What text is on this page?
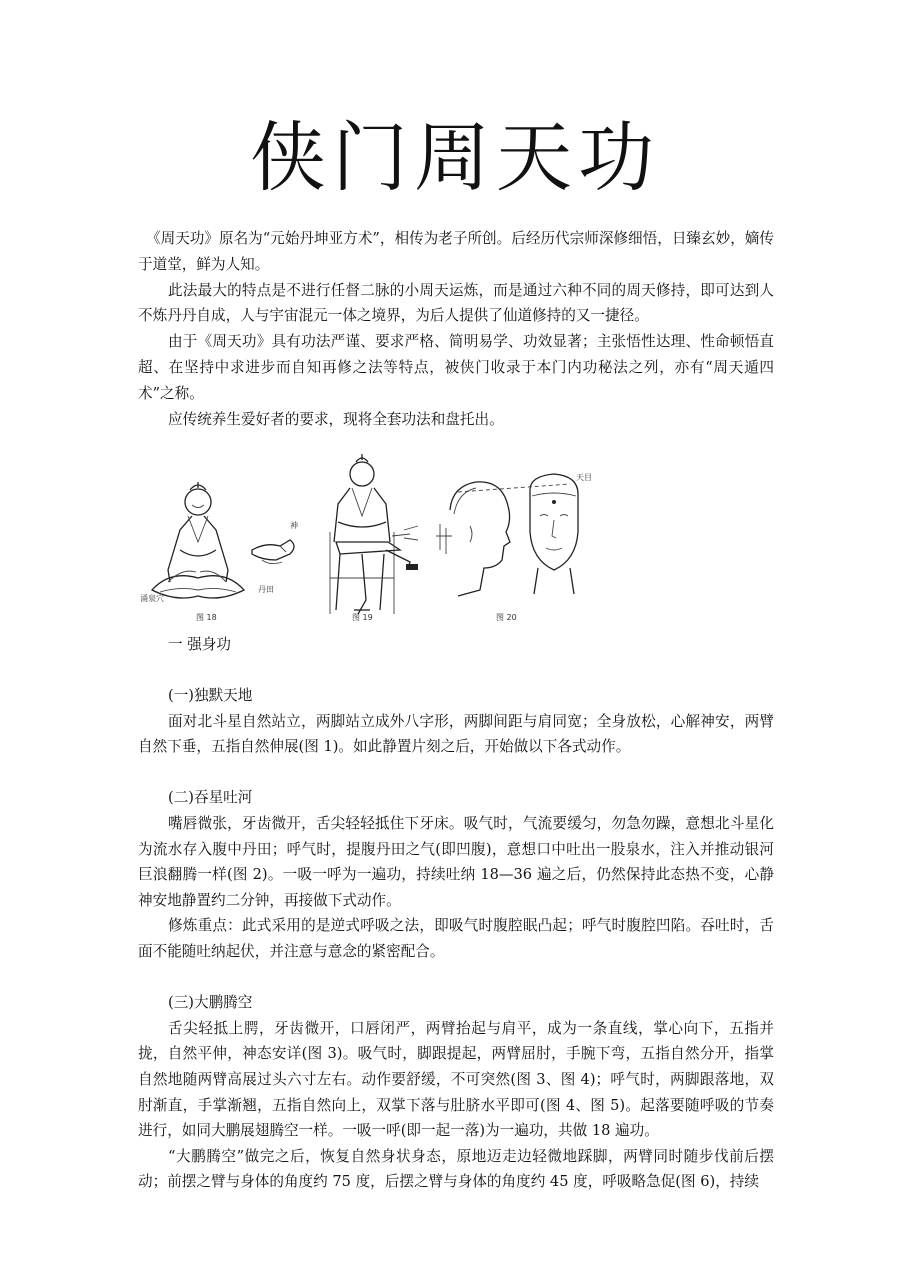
侠门周天功

《周天功》原名为“元始丹坤亚方术”，相传为老子所创。后经历代宗师深修细悟，日臻玄妙，嫡传于道堂，鲜为人知。

此法最大的特点是不进行任督二脉的小周天运炼，而是通过六种不同的周天修持，即可达到人不炼丹丹自成，人与宇宙混元一体之境界，为后人提供了仙道修持的又一捷径。

由于《周天功》具有功法严谨、要求严格、简明易学、功效显著；主张悟性达理、性命顿悟直超、在坚持中求进步而自知再修之法等特点，被侠门收录于本门内功秘法之列，亦有“周天遁四术”之称。

应传统养生爱好者的要求，现将全套功法和盘托出。

涌泉穴
神
丹田
图 18	图 19
天目
图 20

一 强身功

(一)独默天地

面对北斗星自然站立，两脚站立成外八字形，两脚间距与肩同宽；全身放松，心解神安，两臂自然下垂，五指自然伸展(图 1)。如此静置片刻之后，开始做以下各式动作。

(二)吞星吐河

嘴唇微张，牙齿微开，舌尖轻轻抵住下牙床。吸气时，气流要缓匀，勿急勿躁，意想北斗星化为流水存入腹中丹田；呼气时，提腹丹田之气(即凹腹)，意想口中吐出一股泉水，注入并推动银河巨浪翻腾一样(图 2)。一吸一呼为一遍功，持续吐纳 18—36 遍之后，仍然保持此态热不变，心静神安地静置约二分钟，再接做下式动作。

修炼重点：此式采用的是逆式呼吸之法，即吸气时腹腔眠凸起；呼气时腹腔凹陷。吞吐时，舌面不能随吐纳起伏，并注意与意念的紧密配合。

(三)大鹏腾空

舌尖轻抵上腭，牙齿微开，口唇闭严，两臂抬起与肩平，成为一条直线，掌心向下，五指并拢，自然平伸，神态安详(图 3)。吸气时，脚跟提起，两臂屈肘，手腕下弯，五指自然分开，指掌自然地随两臂高展过头六寸左右。动作要舒缓，不可突然(图 3、图 4)；呼气时，两脚跟落地，双肘渐直，手掌渐翘，五指自然向上，双掌下落与肚脐水平即可(图 4、图 5)。起落要随呼吸的节奏进行，如同大鹏展翅腾空一样。一吸一呼(即一起一落)为一遍功，共做 18 遍功。

“大鹏腾空”做完之后，恢复自然身状身态，原地迈走边轻微地踩脚，两臂同时随步伐前后摆动；前摆之臂与身体的角度约 75 度，后摆之臂与身体的角度约 45 度，呼吸略急促(图 6)，持续
